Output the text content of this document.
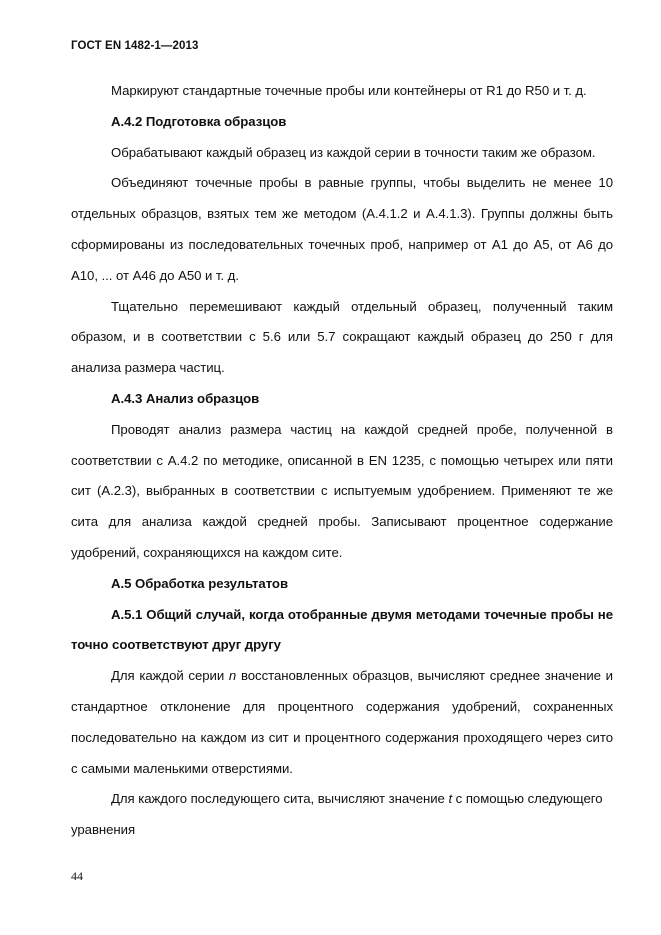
ГОСТ EN 1482-1—2013

Маркируют стандартные точечные пробы или контейнеры от R1 до R50 и т. д.

А.4.2 Подготовка образцов

Обрабатывают каждый образец из каждой серии в точности таким же образом.

Объединяют точечные пробы в равные группы, чтобы выделить не менее 10 отдельных образцов, взятых тем же методом (А.4.1.2 и А.4.1.3). Группы должны быть сформированы из последовательных точечных проб, например от А1 до А5, от А6 до А10, ... от А46 до А50 и т. д.

Тщательно перемешивают каждый отдельный образец, полученный таким образом, и в соответствии с 5.6 или 5.7 сокращают каждый образец до 250 г для анализа размера частиц.

А.4.3 Анализ образцов

Проводят анализ размера частиц на каждой средней пробе, полученной в соответствии с А.4.2 по методике, описанной в EN 1235, с помощью четырех или пяти сит (А.2.3), выбранных в соответствии с испытуемым удобрением. Применяют те же сита для анализа каждой средней пробы. Записывают процентное содержание удобрений, сохраняющихся на каждом сите.

А.5 Обработка результатов

А.5.1 Общий случай, когда отобранные двумя методами точечные пробы не точно соответствуют друг другу

Для каждой серии n восстановленных образцов, вычисляют среднее значение и стандартное отклонение для процентного содержания удобрений, сохраненных последовательно на каждом из сит и процентного содержания проходящего через сито с самыми маленькими отверстиями.

Для каждого последующего сита, вычисляют значение t с помощью следующего уравнения

44
